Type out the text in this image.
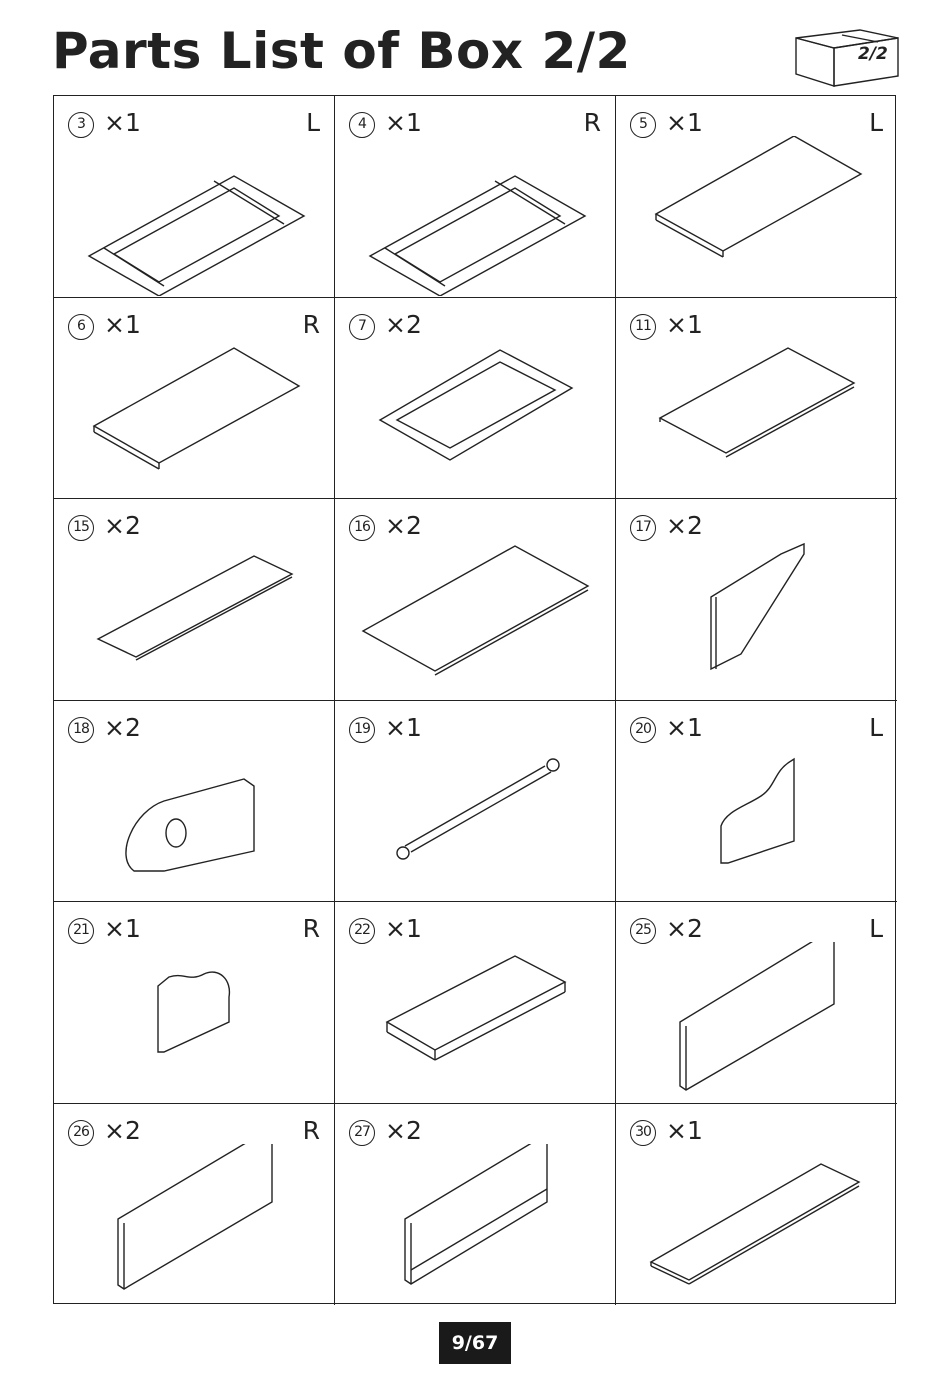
Parts List of Box 2/2	2/2
3 ×1	L	4 ×1	R	5 ×1	L
6 ×1	R	7 ×2	11 ×1
15 ×2	16 ×2	17 ×2
18 ×2	19 ×1	20 ×1	L
21 ×1	R	22 ×1	25 ×2	L
26 ×2	R	27 ×2	30 ×1
9/67
